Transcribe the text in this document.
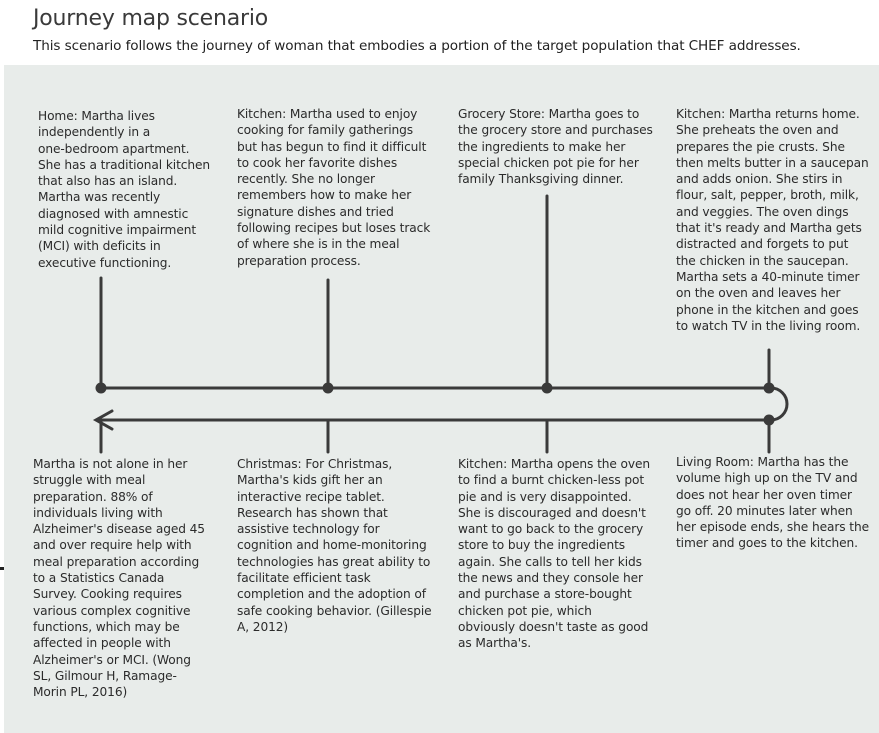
Journey map scenario
This scenario follows the journey of woman that embodies a portion of the target population that CHEF addresses.
Home: Martha lives
independently in a
one-bedroom apartment.
She has a traditional kitchen
that also has an island.
Martha was recently
diagnosed with amnestic
mild cognitive impairment
(MCI) with deficits in
executive functioning.
Kitchen: Martha used to enjoy
cooking for family gatherings
but has begun to find it difficult
to cook her favorite dishes
recently. She no longer
remembers how to make her
signature dishes and tried
following recipes but loses track
of where she is in the meal
preparation process.
Grocery Store: Martha goes to
the grocery store and purchases
the ingredients to make her
special chicken pot pie for her
family Thanksgiving dinner.
Kitchen: Martha returns home.
She preheats the oven and
prepares the pie crusts. She
then melts butter in a saucepan
and adds onion. She stirs in
flour, salt, pepper, broth, milk,
and veggies. The oven dings
that it's ready and Martha gets
distracted and forgets to put
the chicken in the saucepan.
Martha sets a 40-minute timer
on the oven and leaves her
phone in the kitchen and goes
to watch TV in the living room.
Martha is not alone in her
struggle with meal
preparation. 88% of
individuals living with
Alzheimer's disease aged 45
and over require help with
meal preparation according
to a Statistics Canada
Survey. Cooking requires
various complex cognitive
functions, which may be
affected in people with
Alzheimer's or MCI. (Wong
SL, Gilmour H, Ramage-
Morin PL, 2016)
Christmas: For Christmas,
Martha's kids gift her an
interactive recipe tablet.
Research has shown that
assistive technology for
cognition and home-monitoring
technologies has great ability to
facilitate efficient task
completion and the adoption of
safe cooking behavior. (Gillespie
A, 2012)
Kitchen: Martha opens the oven
to find a burnt chicken-less pot
pie and is very disappointed.
She is discouraged and doesn't
want to go back to the grocery
store to buy the ingredients
again. She calls to tell her kids
the news and they console her
and purchase a store-bought
chicken pot pie, which
obviously doesn't taste as good
as Martha's.
Living Room: Martha has the
volume high up on the TV and
does not hear her oven timer
go off. 20 minutes later when
her episode ends, she hears the
timer and goes to the kitchen.
